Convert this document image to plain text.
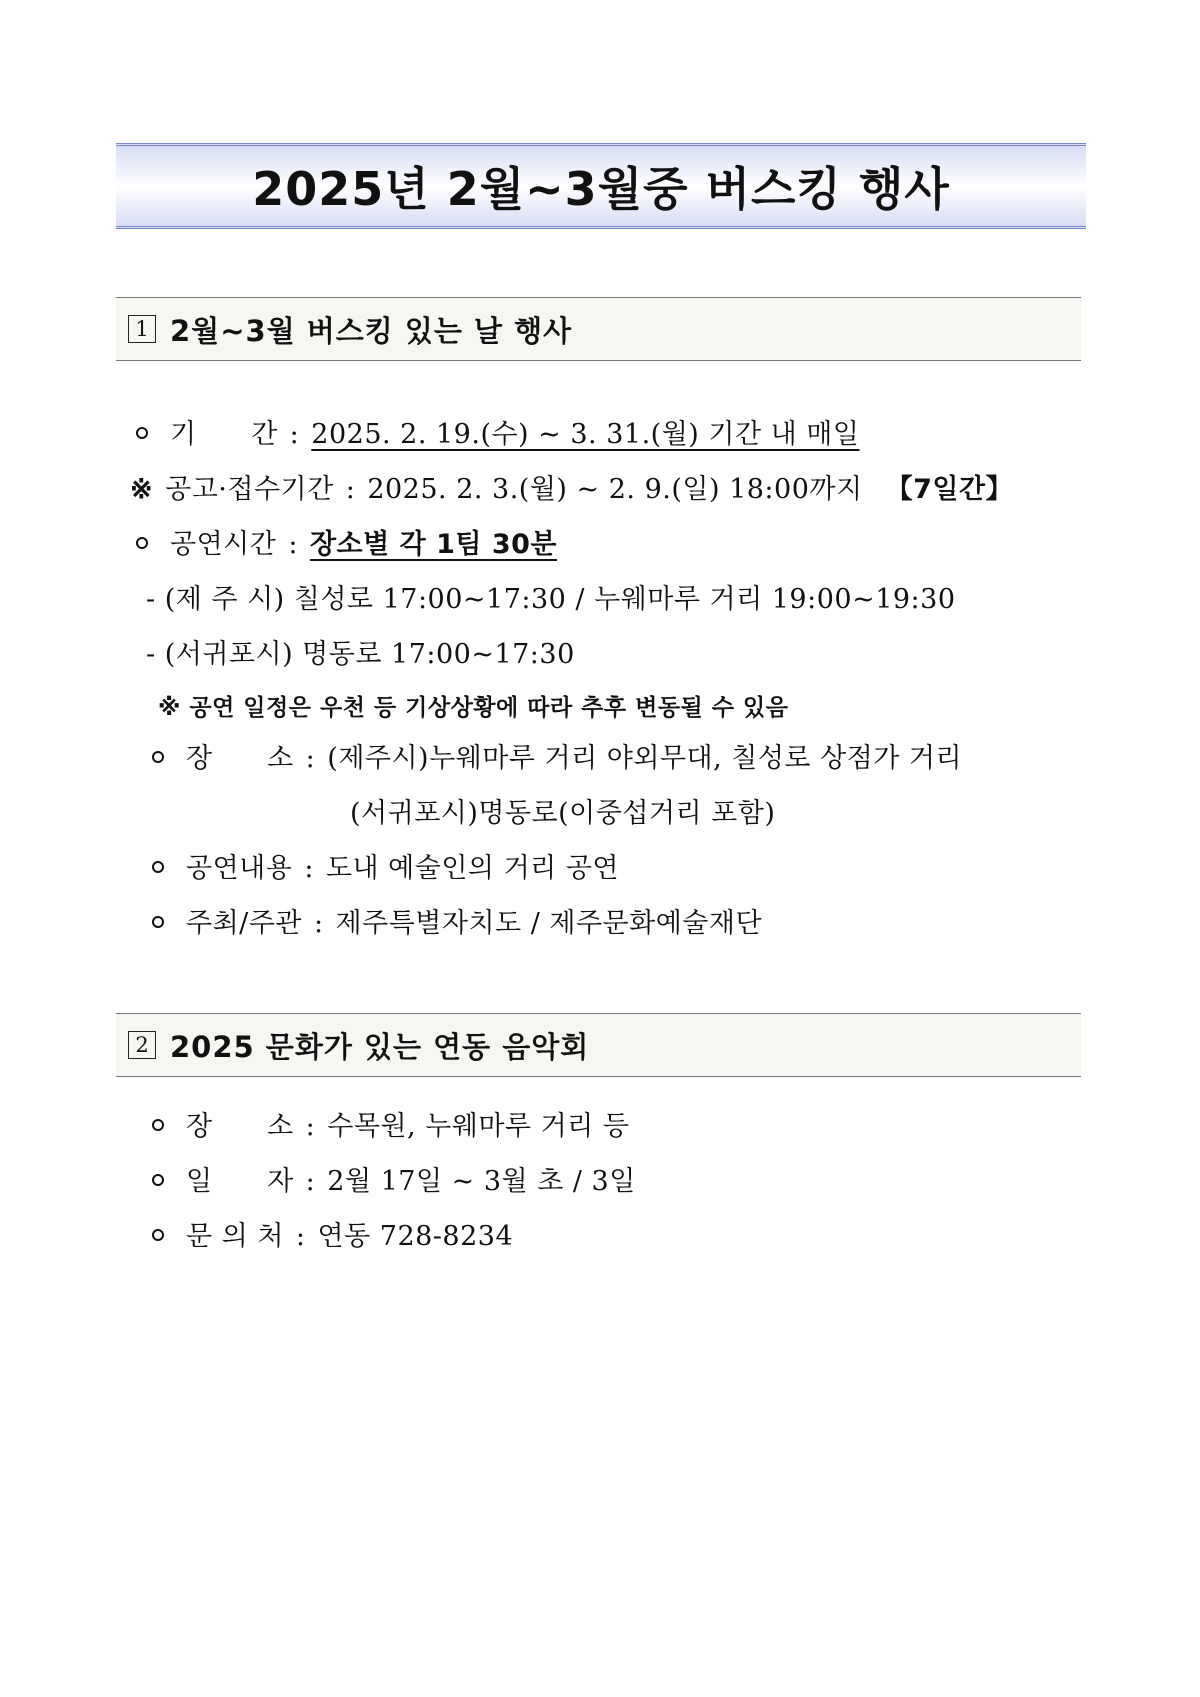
2025년 2월~3월중 버스킹 행사
1 2월~3월 버스킹 있는 날 행사
기      간 : 2025. 2. 19.(수) ~ 3. 31.(월) 기간 내 매일
※ 공고·접수기간 : 2025. 2. 3.(월) ~ 2. 9.(일) 18:00까지 【7일간】
공연시간 : 장소별 각 1팀 30분
- (제 주 시) 칠성로 17:00~17:30 / 누웨마루 거리 19:00~19:30
- (서귀포시) 명동로 17:00~17:30
※ 공연 일정은 우천 등 기상상황에 따라 추후 변동될 수 있음
장      소 : (제주시)누웨마루 거리 야외무대, 칠성로 상점가 거리
(서귀포시)명동로(이중섭거리 포함)
공연내용 : 도내 예술인의 거리 공연
주최/주관 : 제주특별자치도 / 제주문화예술재단
2 2025 문화가 있는 연동 음악회
장      소 : 수목원, 누웨마루 거리 등
일      자 : 2월 17일 ~ 3월 초 / 3일
문 의 처 : 연동 728-8234
